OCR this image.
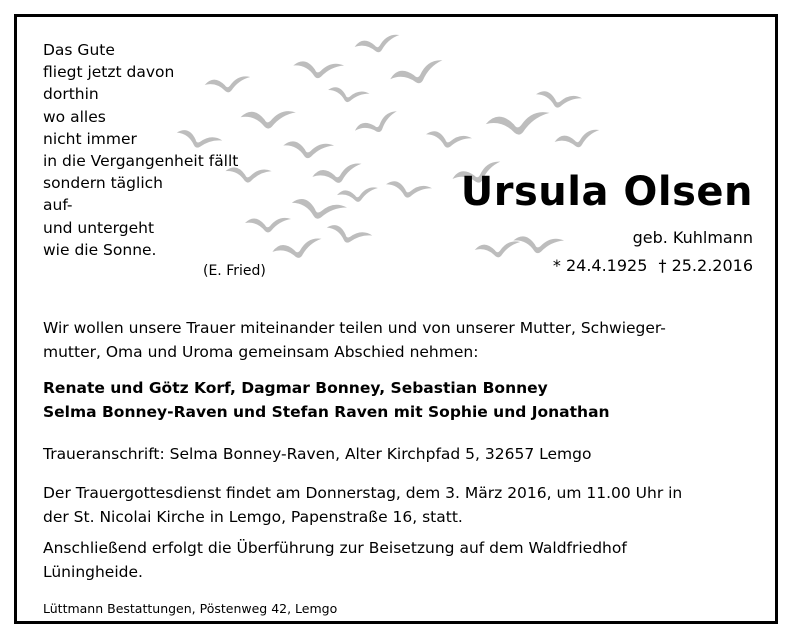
Das Gute
fliegt jetzt davon
dorthin
wo alles
nicht immer
in die Vergangenheit fällt
sondern täglich
auf-
und untergeht
wie die Sonne.
(E. Fried)
Ursula Olsen
geb. Kuhlmann
* 24.4.1925 † 25.2.2016
Wir wollen unsere Trauer miteinander teilen und von unserer Mutter, Schwieger-
mutter, Oma und Uroma gemeinsam Abschied nehmen:
Renate und Götz Korf, Dagmar Bonney, Sebastian Bonney
Selma Bonney-Raven und Stefan Raven mit Sophie und Jonathan
Traueranschrift: Selma Bonney-Raven, Alter Kirchpfad 5, 32657 Lemgo
Der Trauergottesdienst findet am Donnerstag, dem 3. März 2016, um 11.00 Uhr in
der St. Nicolai Kirche in Lemgo, Papenstraße 16, statt.
Anschließend erfolgt die Überführung zur Beisetzung auf dem Waldfriedhof
Lüningheide.
Lüttmann Bestattungen, Pöstenweg 42, Lemgo
